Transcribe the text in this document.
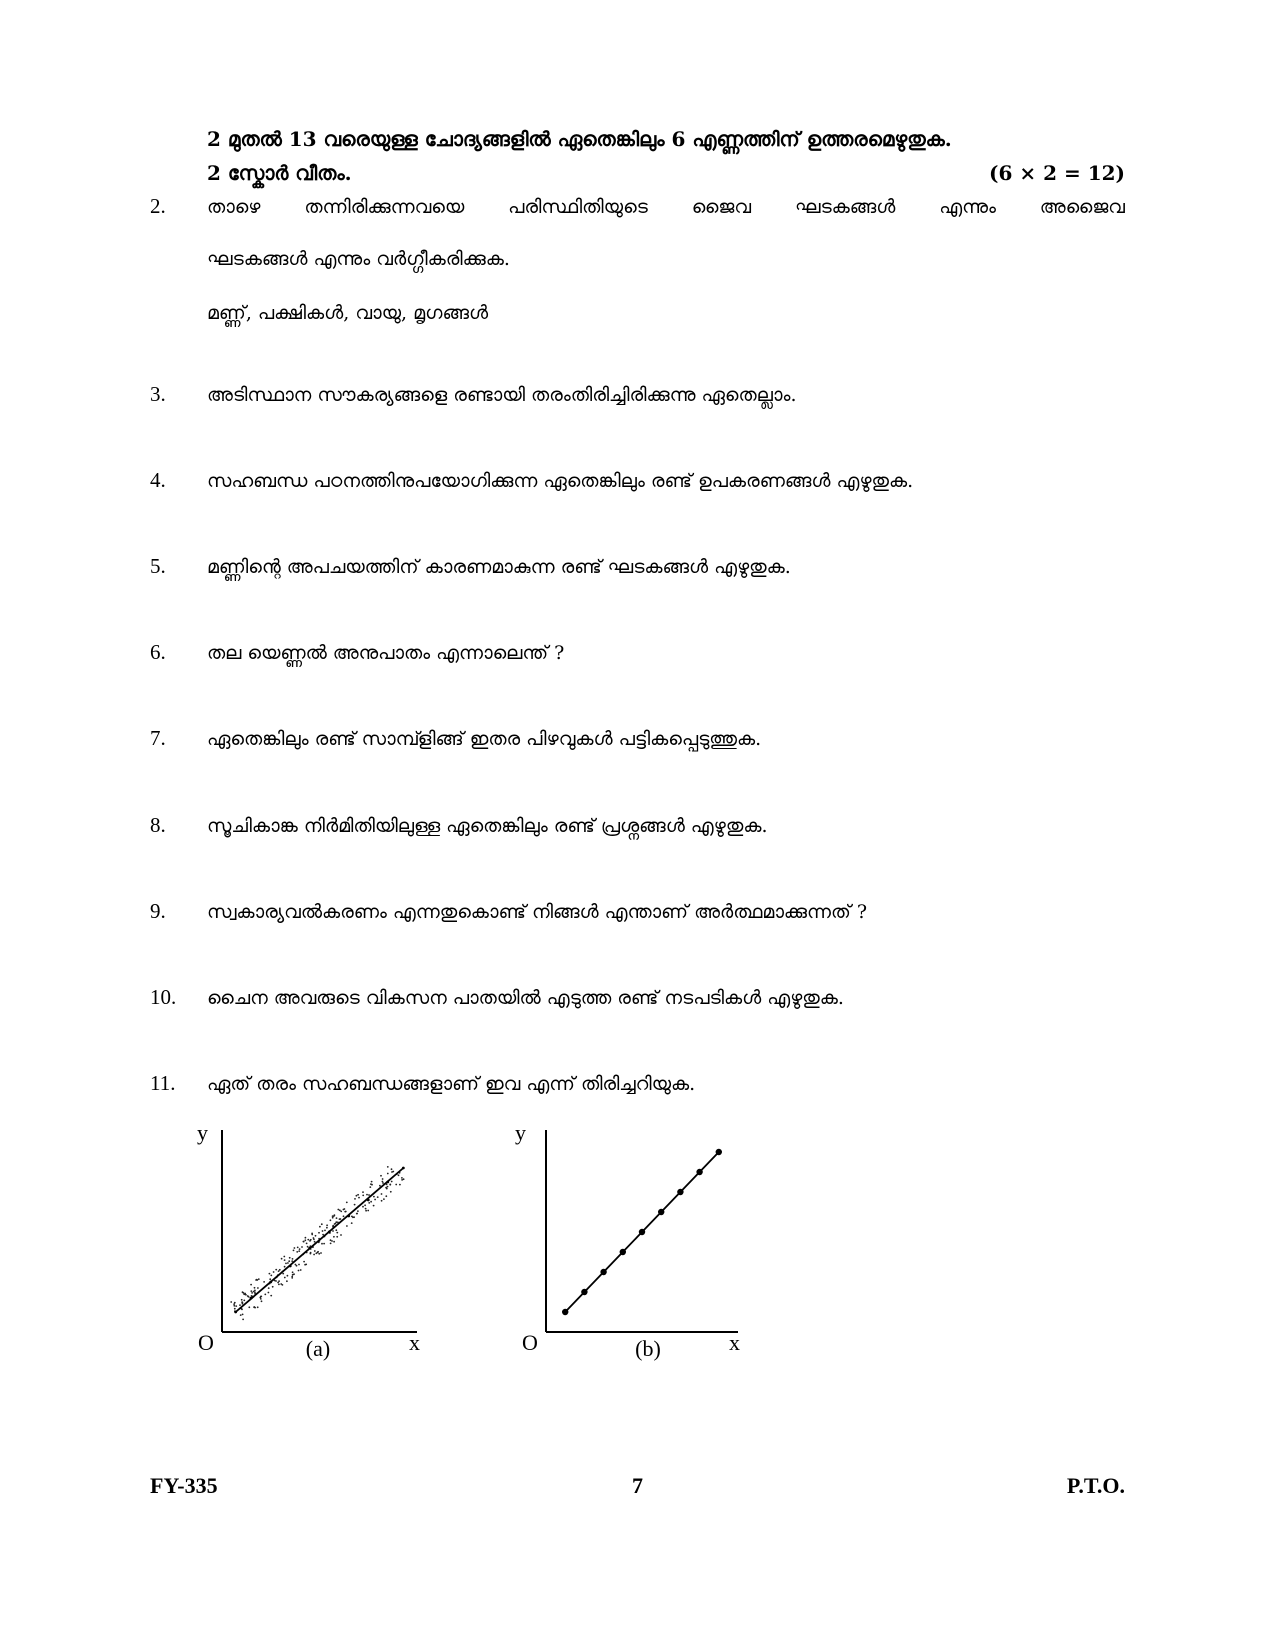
2 മുതൽ 13 വരെയുള്ള ചോദ്യങ്ങളിൽ ഏതെങ്കിലും 6 എണ്ണത്തിന് ഉത്തരമെഴുതുക.
2 സ്കോർ വീതം.	(6 × 2 = 12)
2. താഴെ തന്നിരിക്കുന്നവയെ പരിസ്ഥിതിയുടെ ജൈവ ഘടകങ്ങൾ എന്നും അജൈവ
ഘടകങ്ങൾ എന്നും വർഗ്ഗീകരിക്കുക.
മണ്ണ്, പക്ഷികൾ, വായു, മൃഗങ്ങൾ
3. അടിസ്ഥാന സൗകര്യങ്ങളെ രണ്ടായി തരംതിരിച്ചിരിക്കുന്നു ഏതെല്ലാം.
4. സഹബന്ധ പഠനത്തിനുപയോഗിക്കുന്ന ഏതെങ്കിലും രണ്ട് ഉപകരണങ്ങൾ എഴുതുക.
5. മണ്ണിന്റെ അപചയത്തിന് കാരണമാകുന്ന രണ്ട് ഘടകങ്ങൾ എഴുതുക.
6. തല യെണ്ണൽ അനുപാതം എന്നാലെന്ത് ?
7. ഏതെങ്കിലും രണ്ട് സാമ്പ്ളിങ്ങ് ഇതര പിഴവുകൾ പട്ടികപ്പെടുത്തുക.
8. സൂചികാങ്ക നിർമിതിയിലുള്ള ഏതെങ്കിലും രണ്ട് പ്രശ്നങ്ങൾ എഴുതുക.
9. സ്വകാര്യവൽകരണം എന്നതുകൊണ്ട് നിങ്ങൾ എന്താണ് അർത്ഥമാക്കുന്നത് ?
10. ചൈന അവരുടെ വികസന പാതയിൽ എടുത്ത രണ്ട് നടപടികൾ എഴുതുക.
11. ഏത് തരം സഹബന്ധങ്ങളാണ് ഇവ എന്ന് തിരിച്ചറിയുക.
y
O	x
(a)
y
O	x
(b)
FY-335	7	P.T.O.
